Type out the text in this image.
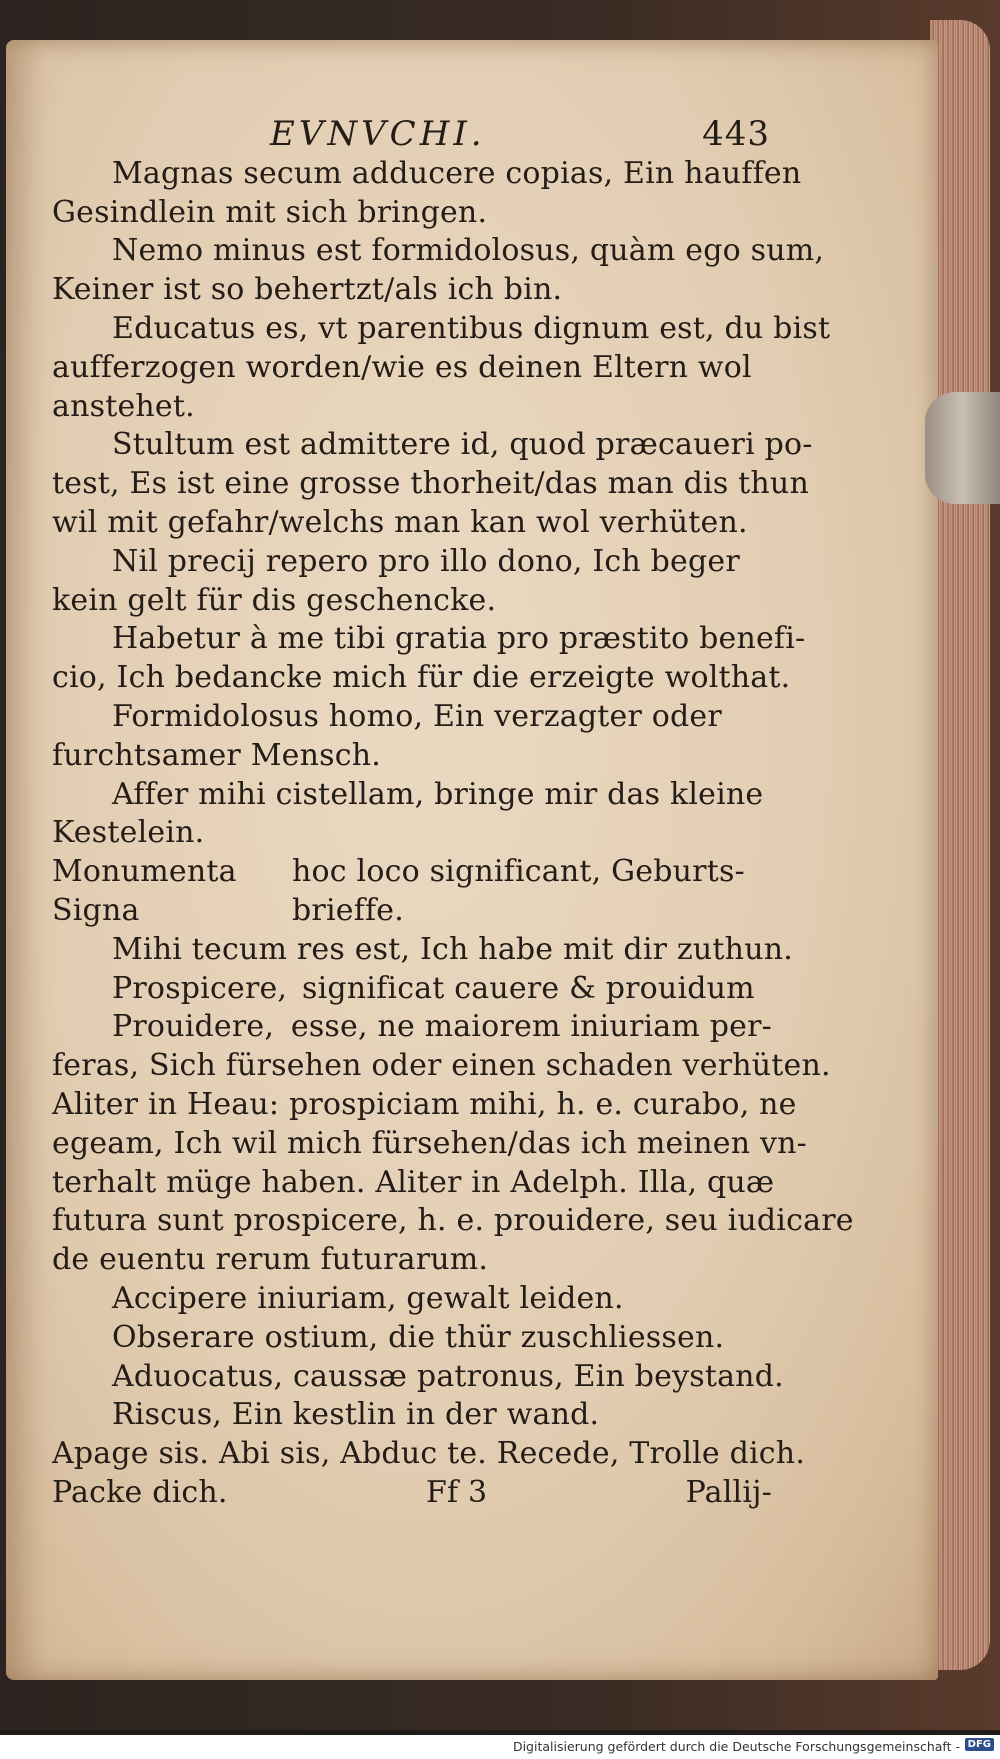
EVNVCHI.	443
Magnas secum adducere copias, Ein hauffen
Gesindlein mit sich bringen.
Nemo minus est formidolosus, quàm ego sum,
Keiner ist so behertzt/als ich bin.
Educatus es, vt parentibus dignum est, du bist
aufferzogen worden/wie es deinen Eltern wol
anstehet.
Stultum est admittere id, quod præcaueri po-
test, Es ist eine grosse thorheit/das man dis thun
wil mit gefahr/welchs man kan wol verhüten.
Nil precij repero pro illo dono, Ich beger
kein gelt für dis geschencke.
Habetur à me tibi gratia pro præstito benefi-
cio, Ich bedancke mich für die erzeigte wolthat.
Formidolosus homo, Ein verzagter oder
furchtsamer Mensch.
Affer mihi cistellam, bringe mir das kleine
Kestelein.
Monumenta	hoc loco significant, Geburts-
Signa	brieffe.
Mihi tecum res est, Ich habe mit dir zuthun.
Prospicere, significat cauere & prouidum
Prouidere, esse, ne maiorem iniuriam per-
feras, Sich fürsehen oder einen schaden verhüten.
Aliter in Heau: prospiciam mihi, h. e. curabo, ne
egeam, Ich wil mich fürsehen/das ich meinen vn-
terhalt müge haben. Aliter in Adelph. Illa, quæ
futura sunt prospicere, h. e. prouidere, seu iudicare
de euentu rerum futurarum.
Accipere iniuriam, gewalt leiden.
Obserare ostium, die thür zuschliessen.
Aduocatus, caussæ patronus, Ein beystand.
Riscus, Ein kestlin in der wand.
Apage sis. Abi sis, Abduc te. Recede, Trolle dich.
Packe dich.	Ff 3	Pallij-
Digitalisierung gefördert durch die Deutsche Forschungsgemeinschaft - DFG
